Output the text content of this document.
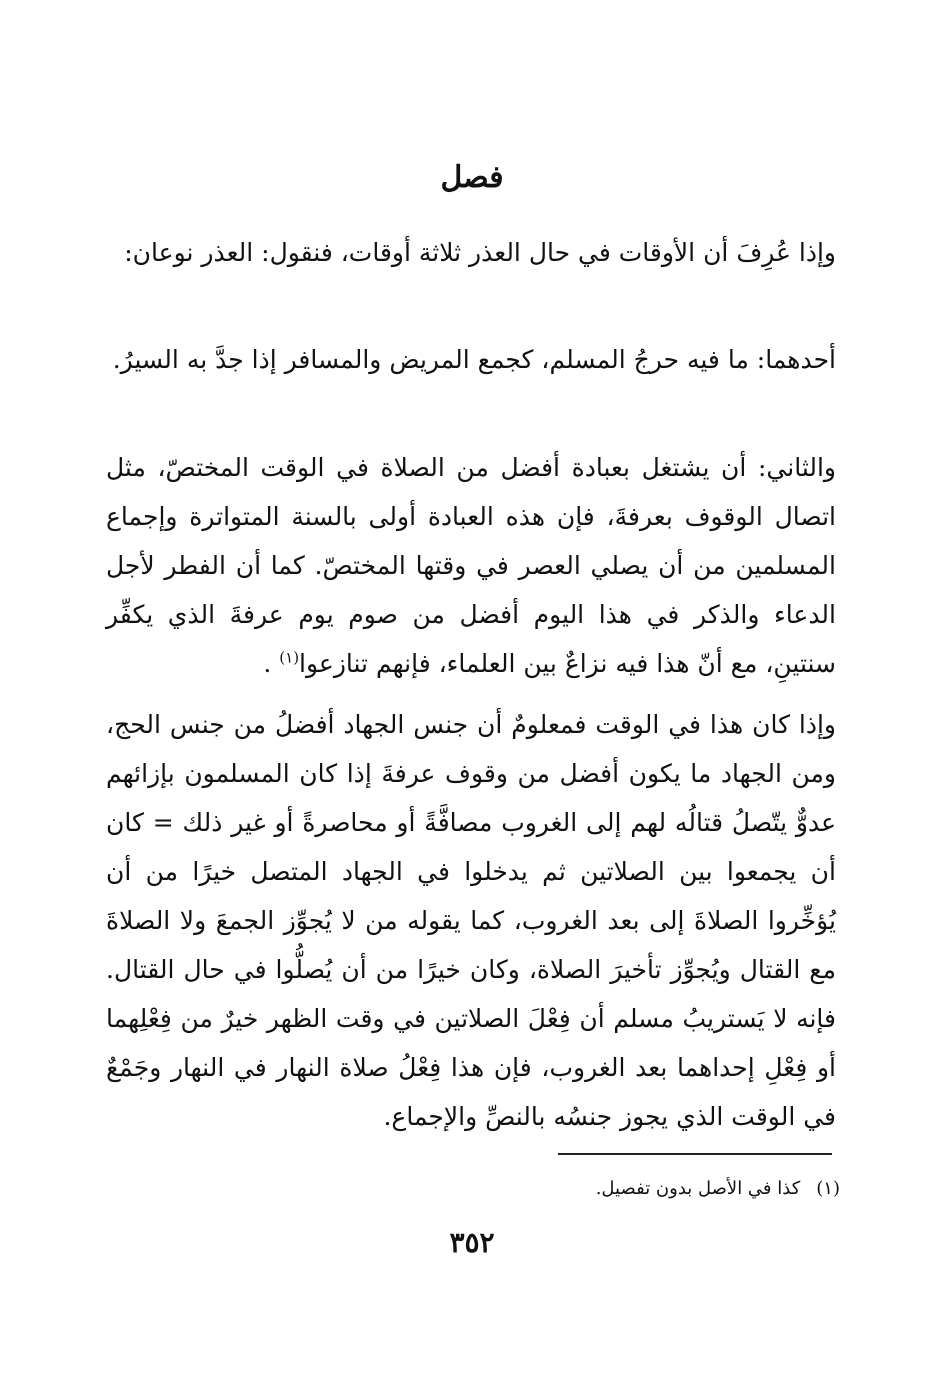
فصل

وإذا عُرِفَ أن الأوقات في حال العذر ثلاثة أوقات، فنقول: العذر نوعان:

أحدهما: ما فيه حرجُ المسلم، كجمع المريض والمسافر إذا جدَّ به السيرُ.

والثاني: أن يشتغل بعبادة أفضل من الصلاة في الوقت المختصّ، مثل اتصال الوقوف بعرفةَ، فإن هذه العبادة أولى بالسنة المتواترة وإجماع المسلمين من أن يصلي العصر في وقتها المختصّ. كما أن الفطر لأجل الدعاء والذكر في هذا اليوم أفضل من صوم يوم عرفةَ الذي يكفِّر سنتينِ، مع أنّ هذا فيه نزاعٌ بين العلماء، فإنهم تنازعوا$^{(١)}$ .

وإذا كان هذا في الوقت فمعلومٌ أن جنس الجهاد أفضلُ من جنس الحج، ومن الجهاد ما يكون أفضل من وقوف عرفةَ إذا كان المسلمون بإزائهم عدوٌّ يتّصلُ قتالُه لهم إلى الغروب مصافَّةً أو محاصرةً أو غير ذلك = كان أن يجمعوا بين الصلاتين ثم يدخلوا في الجهاد المتصل خيرًا من أن يُؤخِّروا الصلاةَ إلى بعد الغروب، كما يقوله من لا يُجوِّز الجمعَ ولا الصلاةَ مع القتال ويُجوِّز تأخيرَ الصلاة، وكان خيرًا من أن يُصلُّوا في حال القتال. فإنه لا يَستريبُ مسلم أن فِعْلَ الصلاتين في وقت الظهر خيرٌ من فِعْلِهما أو فِعْلِ إحداهما بعد الغروب، فإن هذا فِعْلُ صلاة النهار في النهار وجَمْعٌ في الوقت الذي يجوز جنسُه بالنصِّ والإجماع.

(١)كذا في الأصل بدون تفصيل.
٣٥٢
